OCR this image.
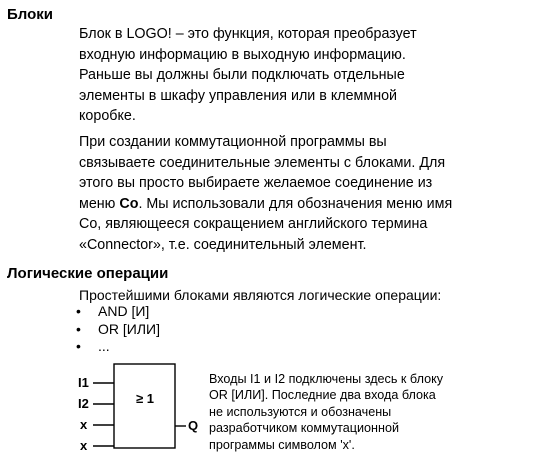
Блоки
Блок в LOGO! – это функция, которая преобразует
входную информацию в выходную информацию.
Раньше вы должны были подключать отдельные
элементы в шкафу управления или в клеммной
коробке.
При создании коммутационной программы вы
связываете соединительные элементы с блоками. Для
этого вы просто выбираете желаемое соединение из
меню Co. Мы использовали для обозначения меню имя
Co, являющееся сокращением английского термина
«Connector», т.е. соединительный элемент.
Логические операции
Простейшими блоками являются логические операции:
• AND [И]
• OR [ИЛИ]
• ...
I1
I2
x
x
≥ 1
Q
Входы I1 и I2 подключены здесь к блоку
OR [ИЛИ]. Последние два входа блока
не используются и обозначены
разработчиком коммутационной
программы символом 'x'.
